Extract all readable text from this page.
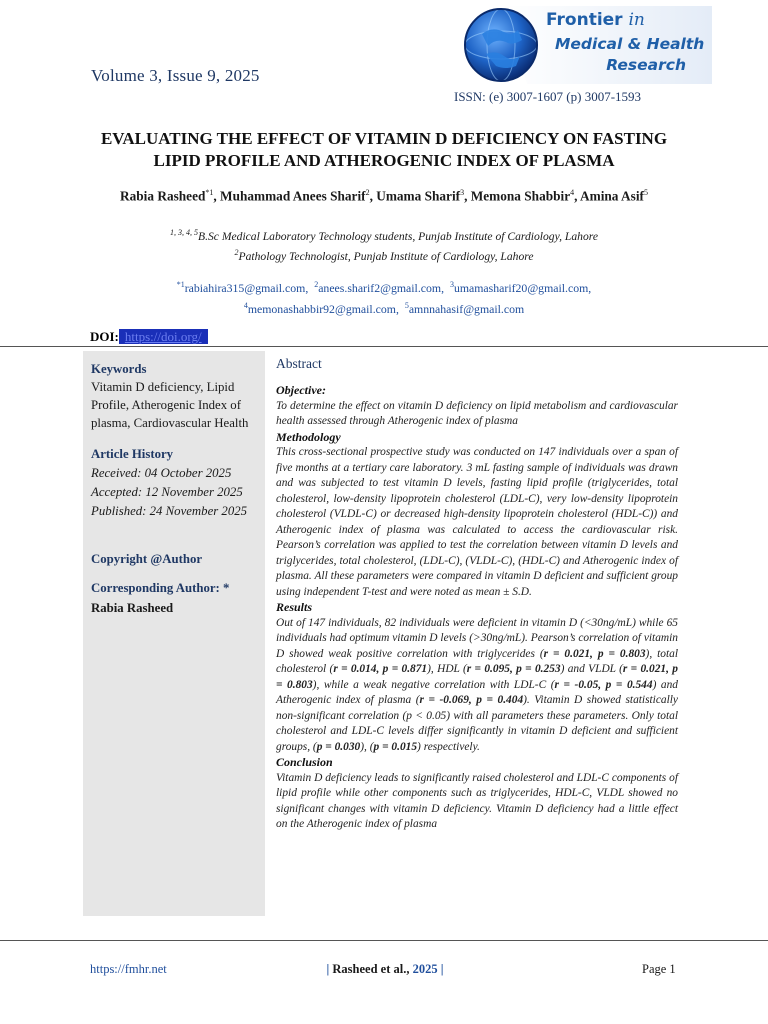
Volume 3, Issue 9, 2025
Frontier in
Medical & Health
Research
ISSN: (e) 3007-1607 (p) 3007-1593
EVALUATING THE EFFECT OF VITAMIN D DEFICIENCY ON FASTING
LIPID PROFILE AND ATHEROGENIC INDEX OF PLASMA
Rabia Rasheed$^{*1}$, Muhammad Anees Sharif$^2$, Umama Sharif$^3$, Memona Shabbir$^4$, Amina Asif$^5$
$^{1, 3, 4, 5}$B.Sc Medical Laboratory Technology students, Punjab Institute of Cardiology, Lahore
$^2$Pathology Technologist, Punjab Institute of Cardiology, Lahore
$^{*1}$rabiahira315@gmail.com, $^2$anees.sharif2@gmail.com, $^3$umamasharif20@gmail.com,
$^4$memonashabbir92@gmail.com, $^5$amnnahasif@gmail.com
DOI: https://doi.org/
Keywords
Vitamin D deficiency, Lipid Profile, Atherogenic Index of plasma, Cardiovascular Health
Article History
Received: 04 October 2025
Accepted: 12 November 2025
Published: 24 November 2025
Copyright @Author
Corresponding Author: *
Rabia Rasheed
Abstract
Objective:

To determine the effect on vitamin D deficiency on lipid metabolism and cardiovascular health assessed through Atherogenic index of plasma

Methodology

This cross-sectional prospective study was conducted on 147 individuals over a span of five months at a tertiary care laboratory. 3 mL fasting sample of individuals was drawn and was subjected to test vitamin D levels, fasting lipid profile (triglycerides, total cholesterol, low-density lipoprotein cholesterol (LDL-C), very low-density lipoprotein cholesterol (VLDL-C) or decreased high-density lipoprotein cholesterol (HDL-C)) and Atherogenic index of plasma was calculated to access the cardiovascular risk. Pearson’s correlation was applied to test the correlation between vitamin D levels and triglycerides, total cholesterol, (LDL-C), (VLDL-C), (HDL-C) and Atherogenic index of plasma. All these parameters were compared in vitamin D deficient and sufficient group using independent T-test and were noted as mean ± S.D.

Results

Out of 147 individuals, 82 individuals were deficient in vitamin D (<30ng/mL) while 65 individuals had optimum vitamin D levels (>30ng/mL). Pearson’s correlation of vitamin D showed weak positive correlation with triglycerides (r = 0.021, p = 0.803), total cholesterol (r = 0.014, p = 0.871), HDL (r = 0.095, p = 0.253) and VLDL (r = 0.021, p = 0.803), while a weak negative correlation with LDL-C (r = -0.05, p = 0.544) and Atherogenic index of plasma (r = -0.069, p = 0.404). Vitamin D showed statistically non-significant correlation (p < 0.05) with all parameters these parameters. Only total cholesterol and LDL-C levels differ significantly in vitamin D deficient and sufficient groups, (p = 0.030), (p = 0.015) respectively.

Conclusion

Vitamin D deficiency leads to significantly raised cholesterol and LDL-C components of lipid profile while other components such as triglycerides, HDL-C, VLDL showed no significant changes with vitamin D deficiency. Vitamin D deficiency had a little effect on the Atherogenic index of plasma

https://fmhr.net	| Rasheed et al., 2025 |	Page 1
